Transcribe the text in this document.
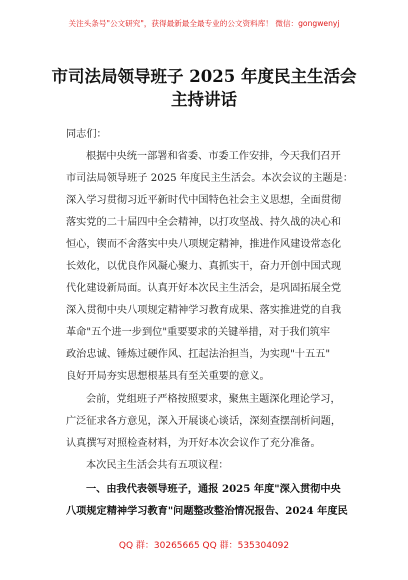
关注头条号"公文研究"，获得最新最全最专业的公文资料库！ 微信：gongwenyj
市司法局领导班子 2025 年度民主生活会
主持讲话
同志们：
根据中央统一部署和省委、市委工作安排，今天我们召开
市司法局领导班子 2025 年度民主生活会。本次会议的主题是：
深入学习贯彻习近平新时代中国特色社会主义思想，全面贯彻
落实党的二十届四中全会精神，以打攻坚战、持久战的决心和
恒心，锲而不舍落实中央八项规定精神，推进作风建设常态化
长效化，以优良作风凝心聚力、真抓实干，奋力开创中国式现
代化建设新局面。认真开好本次民主生活会，是巩固拓展全党
深入贯彻中央八项规定精神学习教育成果、落实推进党的自我
革命"五个进一步到位"重要要求的关键举措，对于我们筑牢
政治忠诚、锤炼过硬作风、扛起法治担当，为实现"十五五"
良好开局夯实思想根基具有至关重要的意义。
会前，党组班子严格按照要求，聚焦主题深化理论学习，
广泛征求各方意见，深入开展谈心谈话，深刻查摆剖析问题，
认真撰写对照检查材料，为开好本次会议作了充分准备。
本次民主生活会共有五项议程：
一、由我代表领导班子，通报 2025 年度"深入贯彻中央
八项规定精神学习教育"问题整改整治情况报告、2024 年度民
QQ 群：30265665 QQ 群：535304092
